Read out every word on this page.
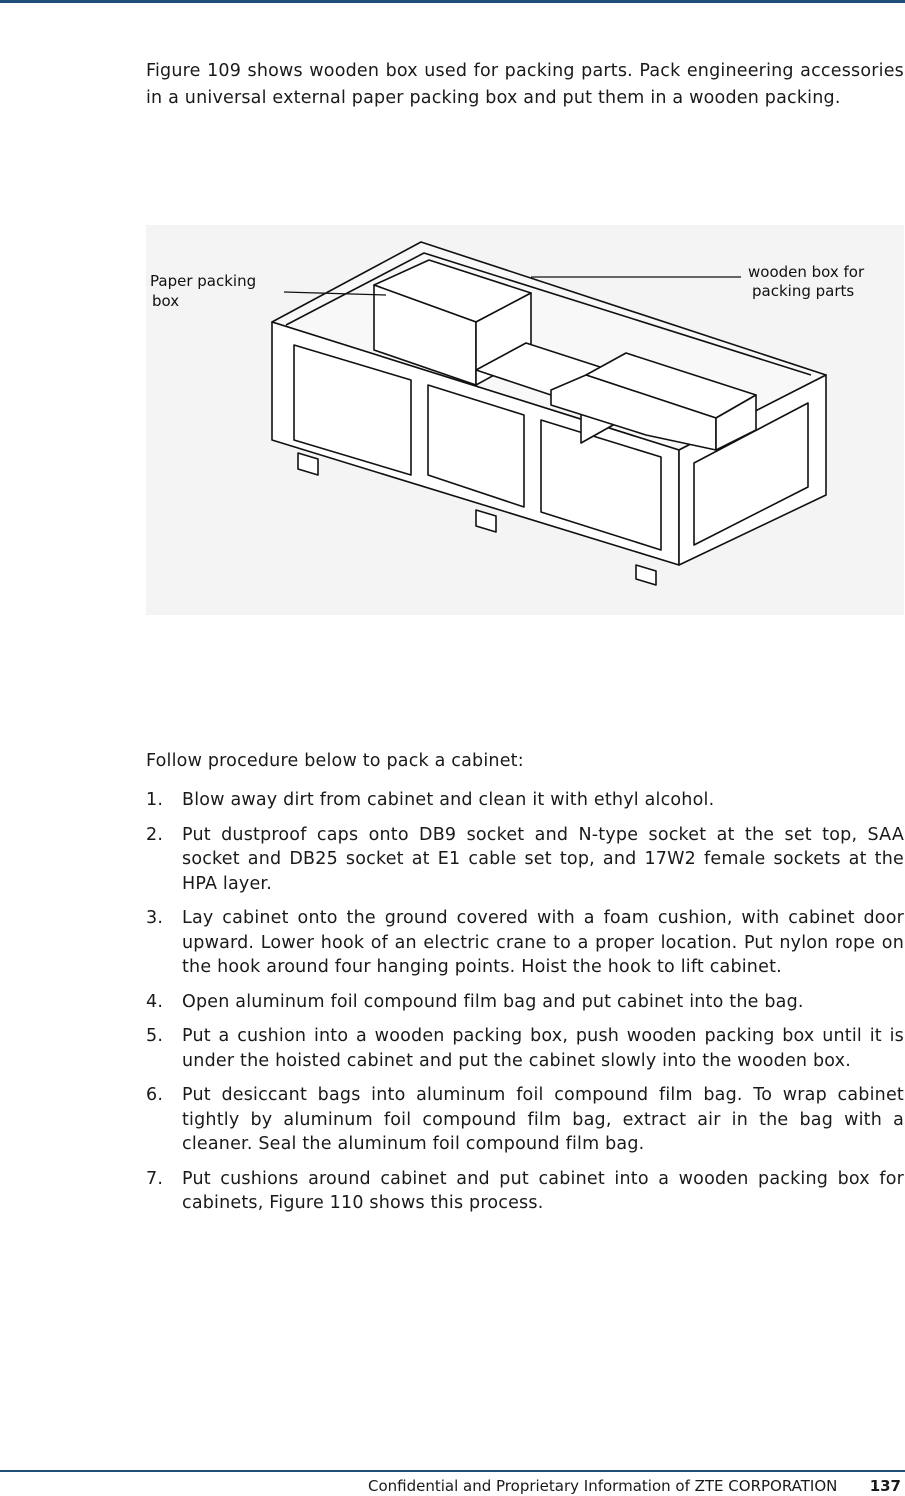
Figure 109 shows wooden box used for packing parts. Pack engineering accessories in a universal external paper packing box and put them in a wooden packing.

Paper packing
box
wooden box for
packing parts

Follow procedure below to pack a cabinet:

1. Blow away dirt from cabinet and clean it with ethyl alcohol.
2. Put dustproof caps onto DB9 socket and N-type socket at the set top, SAA socket and DB25 socket at E1 cable set top, and 17W2 female sockets at the HPA layer.
3. Lay cabinet onto the ground covered with a foam cushion, with cabinet door upward. Lower hook of an electric crane to a proper location. Put nylon rope on the hook around four hanging points. Hoist the hook to lift cabinet.
4. Open aluminum foil compound film bag and put cabinet into the bag.
5. Put a cushion into a wooden packing box, push wooden packing box until it is under the hoisted cabinet and put the cabinet slowly into the wooden box.
6. Put desiccant bags into aluminum foil compound film bag. To wrap cabinet tightly by aluminum foil compound film bag, extract air in the bag with a cleaner. Seal the aluminum foil compound film bag.
7. Put cushions around cabinet and put cabinet into a wooden packing box for cabinets, Figure 110 shows this process.
Confidential and Proprietary Information of ZTE CORPORATION 137
